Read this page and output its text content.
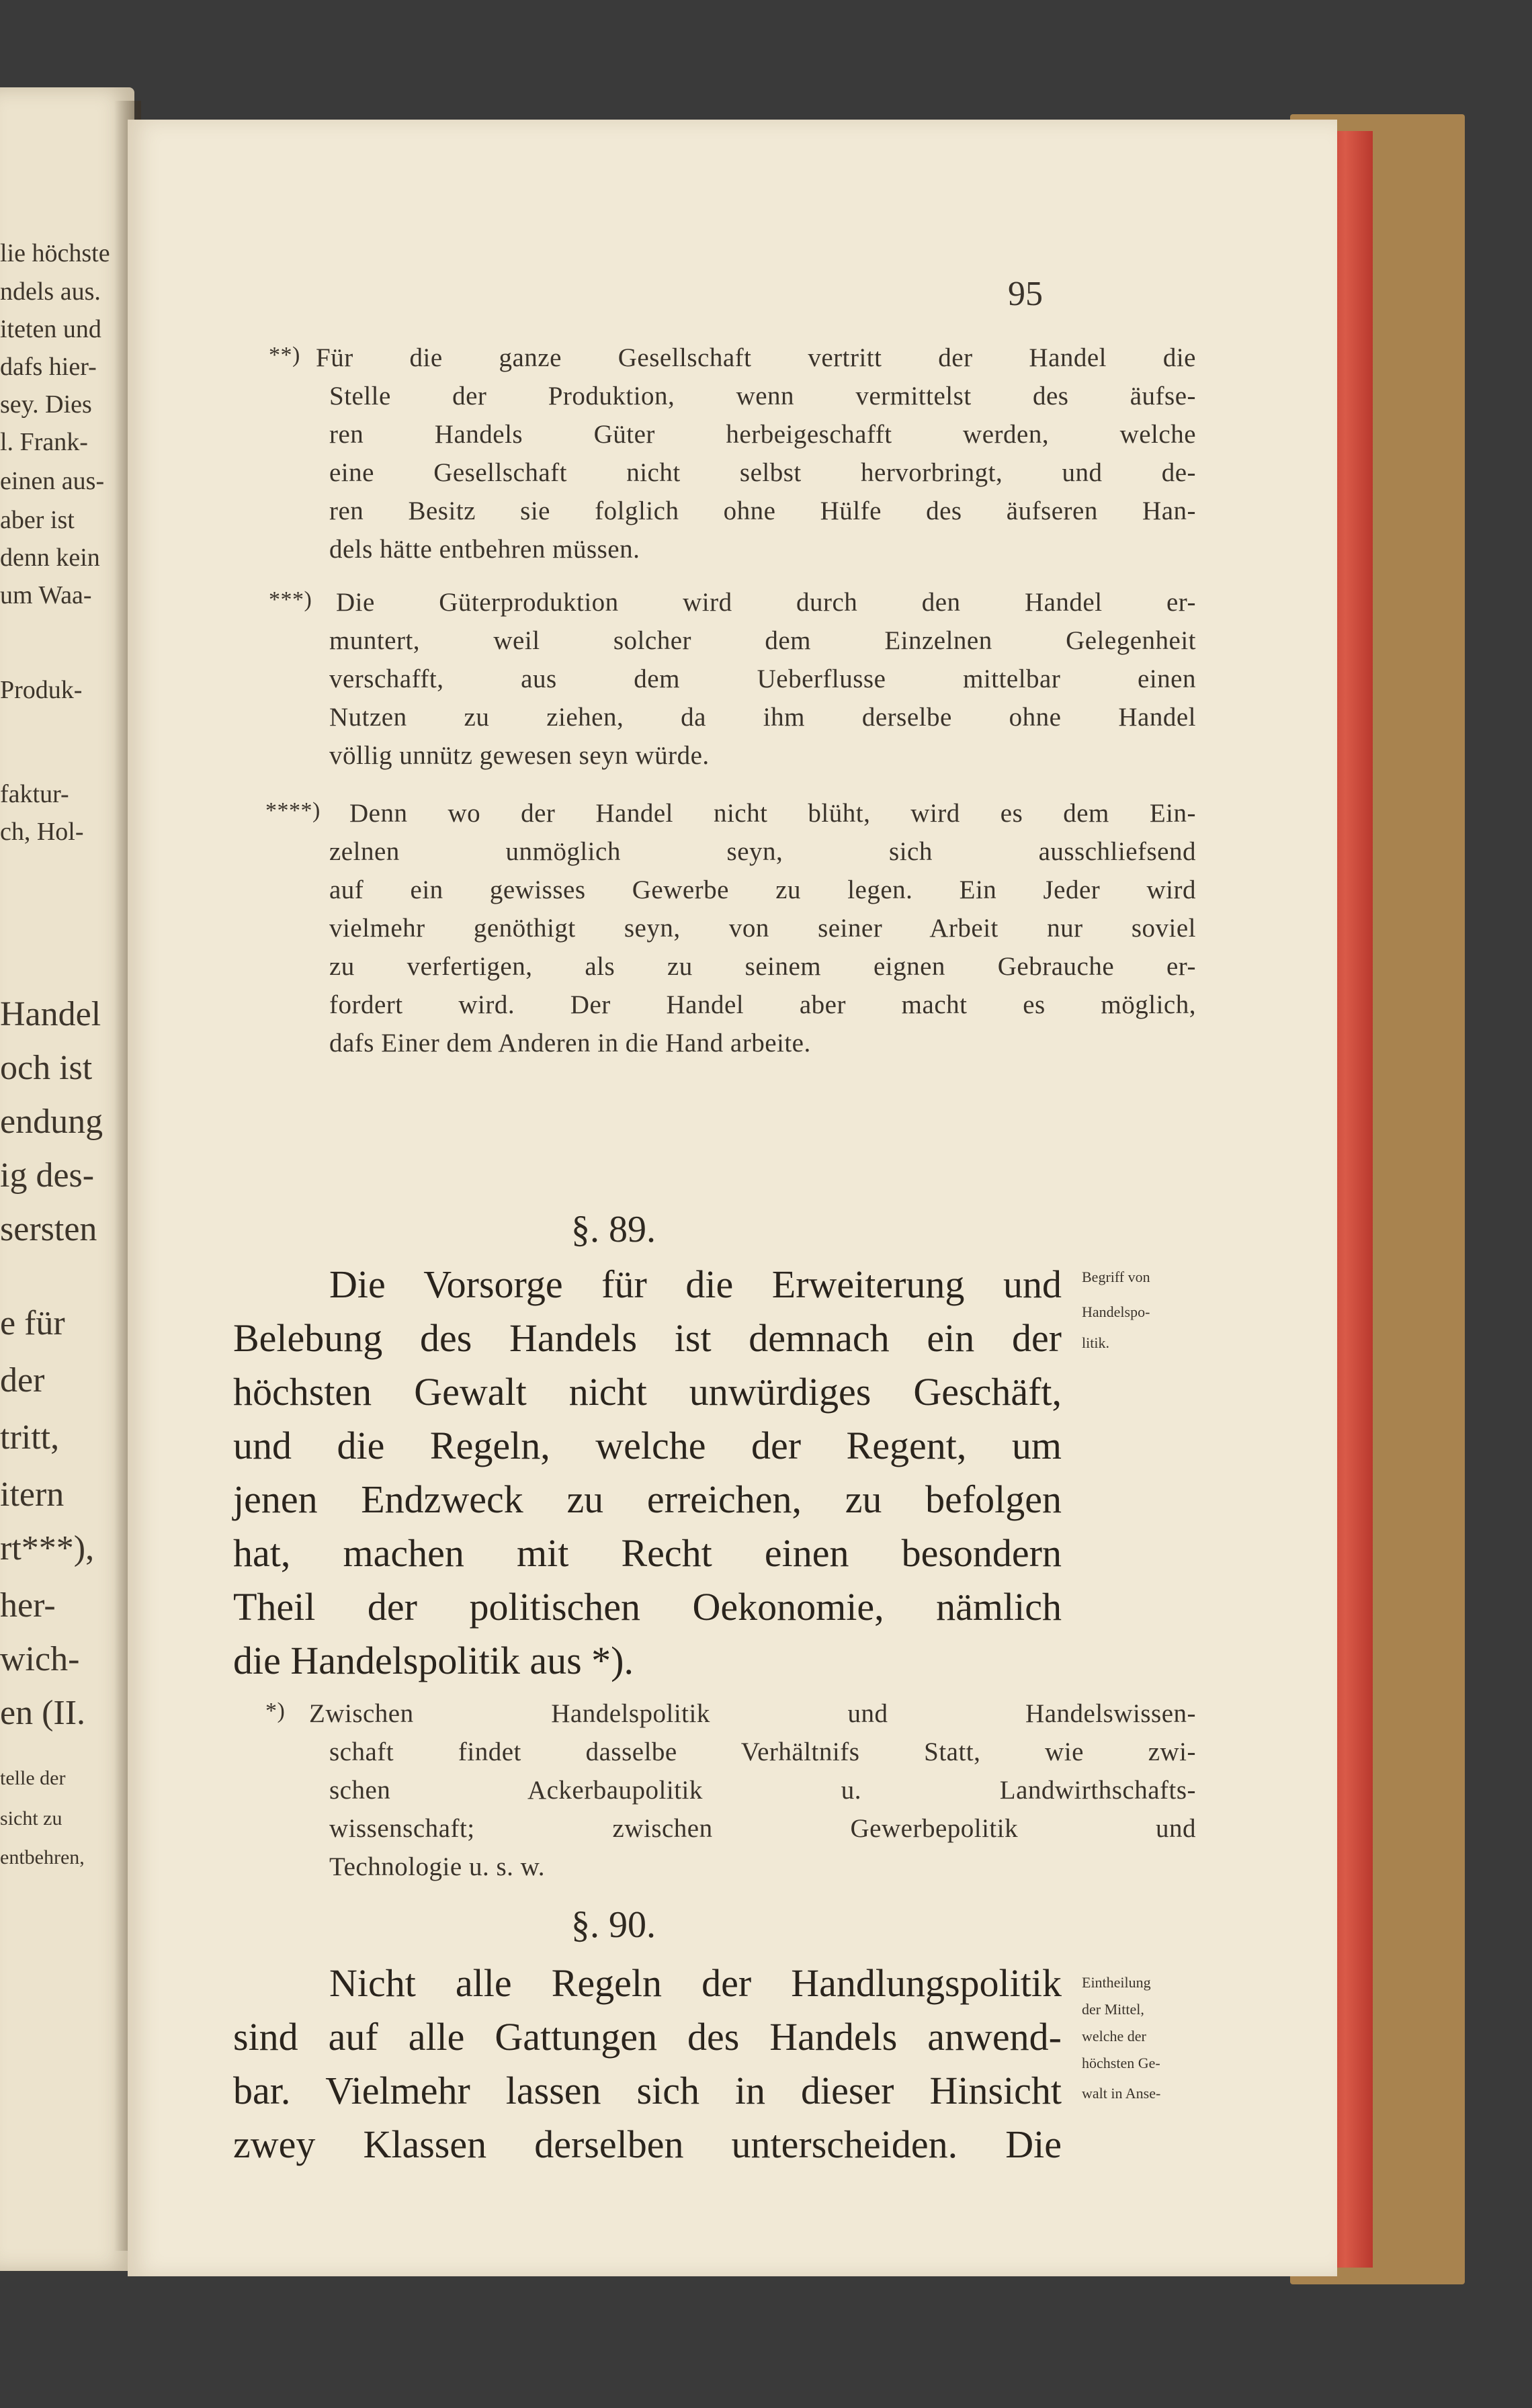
lie höchste
ndels aus.
iteten und
dafs hier-
sey. Dies
l. Frank-
einen aus-
aber ist
denn kein
um Waa-
Produk-
faktur-
ch, Hol-
Handel
och ist
endung
ig des-
sersten
e für
der
tritt,
itern
rt***),
her-
wich-
en (II.
telle der
sicht zu
entbehren,
95
**) Für die ganze Gesellschaft vertritt der Handel die
Stelle der Produktion, wenn vermittelst des äufse-
ren Handels Güter herbeigeschafft werden, welche
eine Gesellschaft nicht selbst hervorbringt, und de-
ren Besitz sie folglich ohne Hülfe des äufseren Han-
dels hätte entbehren müssen.
***) Die Güterproduktion wird durch den Handel er-
muntert, weil solcher dem Einzelnen Gelegenheit
verschafft, aus dem Ueberflusse mittelbar einen
Nutzen zu ziehen, da ihm derselbe ohne Handel
völlig unnütz gewesen seyn würde.
****) Denn wo der Handel nicht blüht, wird es dem Ein-
zelnen unmöglich seyn, sich ausschliefsend
auf ein gewisses Gewerbe zu legen. Ein Jeder wird
vielmehr genöthigt seyn, von seiner Arbeit nur soviel
zu verfertigen, als zu seinem eignen Gebrauche er-
fordert wird. Der Handel aber macht es möglich,
dafs Einer dem Anderen in die Hand arbeite.
§. 89.
Die Vorsorge für die Erweiterung und
Belebung des Handels ist demnach ein der
höchsten Gewalt nicht unwürdiges Geschäft,
und die Regeln, welche der Regent, um
jenen Endzweck zu erreichen, zu befolgen
hat, machen mit Recht einen besondern
Theil der politischen Oekonomie, nämlich
die Handelspolitik aus *).
Begriff von
Handelspo-
litik.
*) Zwischen Handelspolitik und Handelswissen-
schaft findet dasselbe Verhältnifs Statt, wie zwi-
schen Ackerbaupolitik u. Landwirthschafts-
wissenschaft; zwischen Gewerbepolitik und
Technologie u. s. w.
§. 90.
Nicht alle Regeln der Handlungspolitik
sind auf alle Gattungen des Handels anwend-
bar. Vielmehr lassen sich in dieser Hinsicht
zwey Klassen derselben unterscheiden. Die
Eintheilung
der Mittel,
welche der
höchsten Ge-
walt in Anse-
